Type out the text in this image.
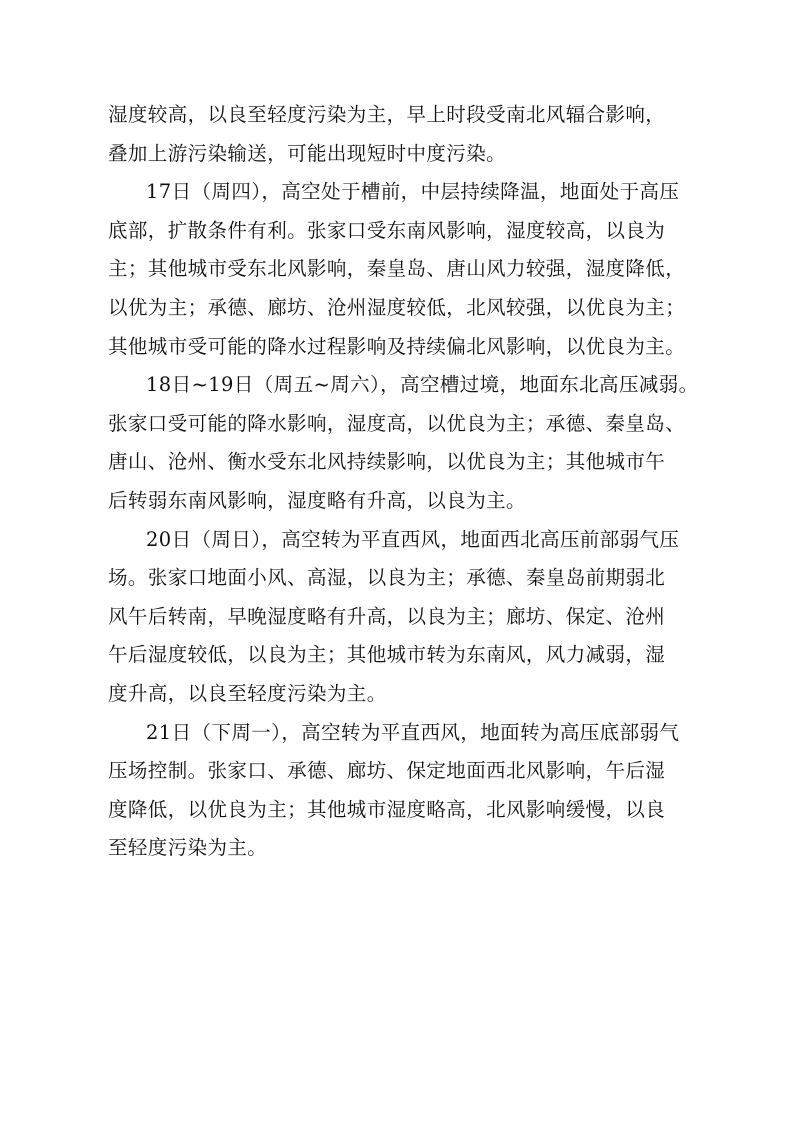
湿度较高，以良至轻度污染为主，早上时段受南北风辐合影响，
叠加上游污染输送，可能出现短时中度污染。
17日（周四），高空处于槽前，中层持续降温，地面处于高压
底部，扩散条件有利。张家口受东南风影响，湿度较高，以良为
主；其他城市受东北风影响，秦皇岛、唐山风力较强，湿度降低，
以优为主；承德、廊坊、沧州湿度较低，北风较强，以优良为主；
其他城市受可能的降水过程影响及持续偏北风影响，以优良为主。
18日~19日（周五~周六），高空槽过境，地面东北高压减弱。
张家口受可能的降水影响，湿度高，以优良为主；承德、秦皇岛、
唐山、沧州、衡水受东北风持续影响，以优良为主；其他城市午
后转弱东南风影响，湿度略有升高，以良为主。
20日（周日），高空转为平直西风，地面西北高压前部弱气压
场。张家口地面小风、高湿，以良为主；承德、秦皇岛前期弱北
风午后转南，早晚湿度略有升高，以良为主；廊坊、保定、沧州
午后湿度较低，以良为主；其他城市转为东南风，风力减弱，湿
度升高，以良至轻度污染为主。
21日（下周一），高空转为平直西风，地面转为高压底部弱气
压场控制。张家口、承德、廊坊、保定地面西北风影响，午后湿
度降低，以优良为主；其他城市湿度略高，北风影响缓慢，以良
至轻度污染为主。
